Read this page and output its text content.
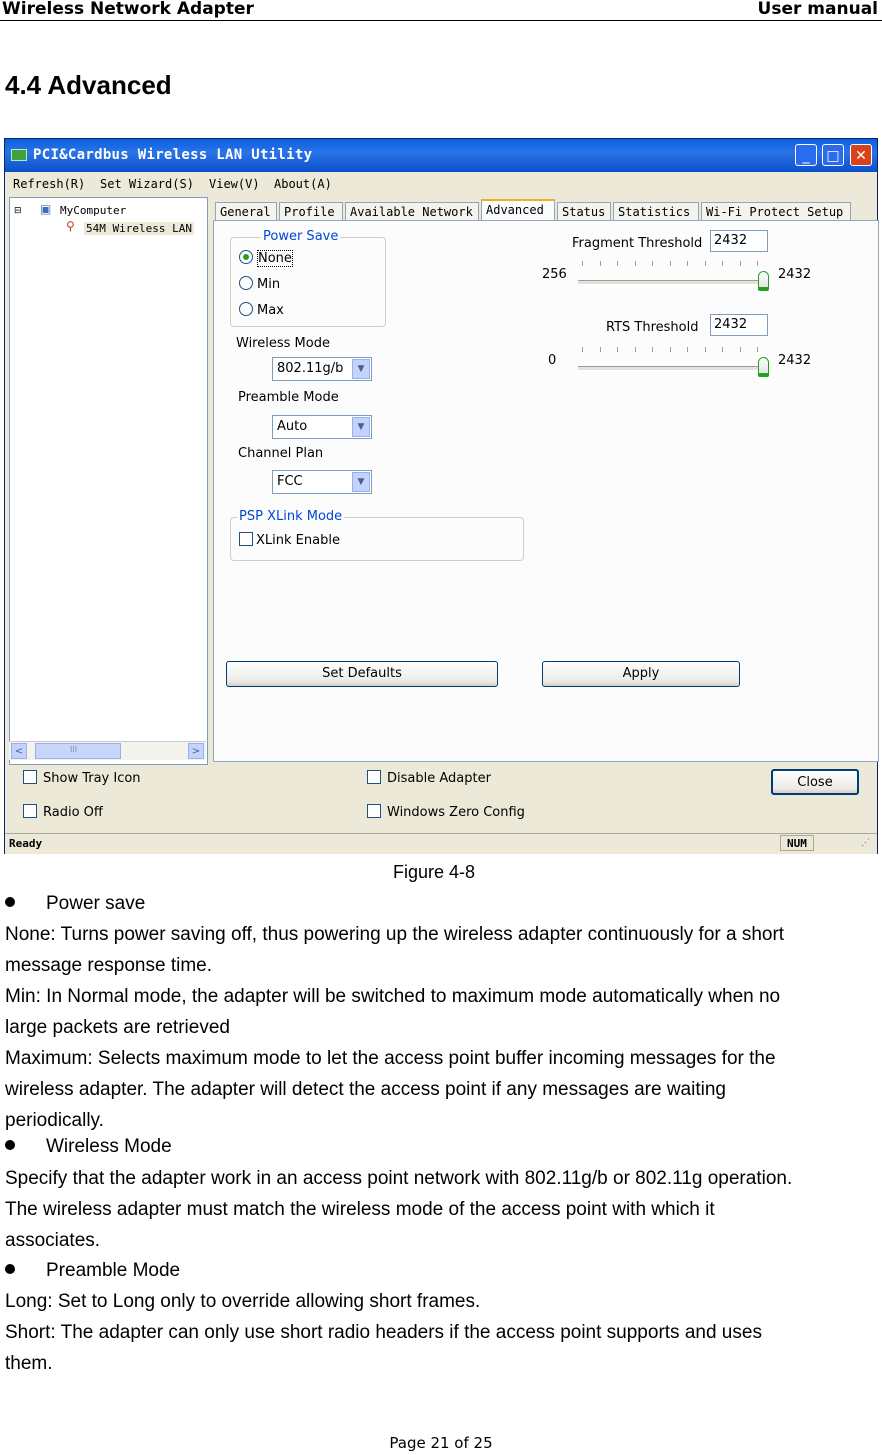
Wireless Network Adapter	User manual
4.4 Advanced
PCI&Cardbus Wireless LAN Utility	_	□	✕
Refresh(R) Set Wizard(S) View(V) About(A)
⊟ ▣ MyComputer
⚲ 54M Wireless LAN
<	III	>
General	Profile	Available Network	Advanced	Status	Statistics	Wi-Fi Protect Setup
Power Save
None
Min
Max
Wireless Mode
802.11g/b	▼
Preamble Mode
Auto	▼
Channel Plan
FCC	▼
PSP XLink Mode
XLink Enable
Fragment Threshold 2432
256	2432
RTS Threshold	2432
0	2432
Set Defaults	Apply
Show Tray Icon	Disable Adapter
Radio Off	Windows Zero Config
Close
Ready	NUM	⋰
Figure 4-8
Power save

None: Turns power saving off, thus powering up the wireless adapter continuously for a short

message response time.

Min: In Normal mode, the adapter will be switched to maximum mode automatically when no

large packets are retrieved

Maximum: Selects maximum mode to let the access point buffer incoming messages for the

wireless adapter. The adapter will detect the access point if any messages are waiting

periodically.

Wireless Mode

Specify that the adapter work in an access point network with 802.11g/b or 802.11g operation.

The wireless adapter must match the wireless mode of the access point with which it

associates.

Preamble Mode

Long: Set to Long only to override allowing short frames.

Short: The adapter can only use short radio headers if the access point supports and uses

them.

Page 21 of 25
